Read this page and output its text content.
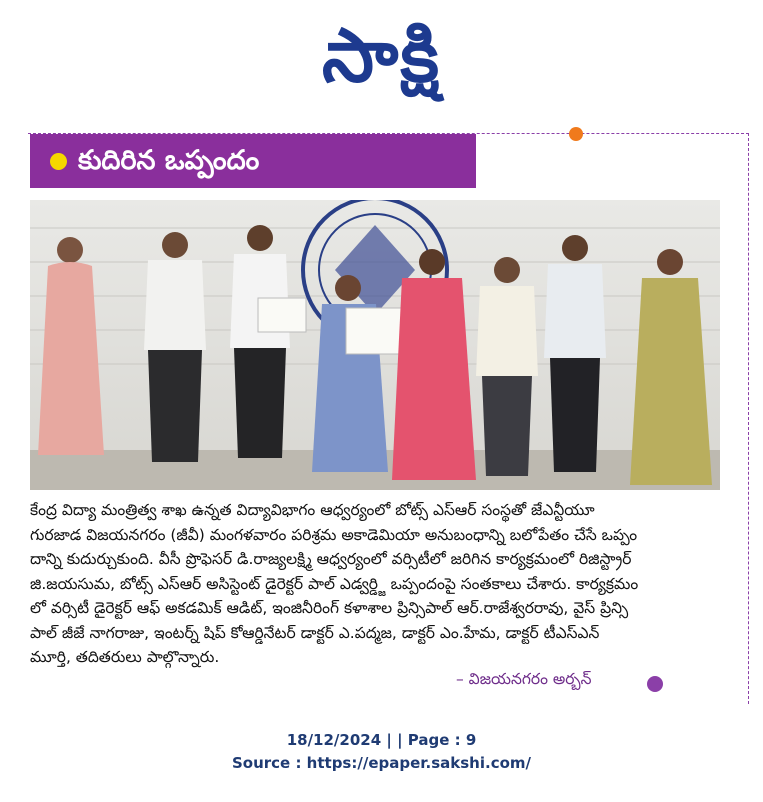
సాక్షి
కుదిరిన ఒప్పందం
కేంద్ర విద్యా మంత్రిత్వ శాఖ ఉన్నత విద్యావిభాగం ఆధ్వర్యంలో బోట్స్ ఎస్ఆర్ సంస్థతో జేఎన్టీయూ
గురజాడ విజయనగరం (జీవీ) మంగళవారం పరిశ్రమ అకాడెమియా అనుబంధాన్ని బలోపేతం చేసే ఒప్పం
దాన్ని కుదుర్చుకుంది. వీసీ ప్రొఫెసర్ డి.రాజ్యలక్ష్మి ఆధ్వర్యంలో వర్సిటీలో జరిగిన కార్యక్రమంలో రిజిస్ట్రార్
జి.జయసుమ, బోట్స్ ఎస్ఆర్ అసిస్టెంట్ డైరెక్టర్ పాల్ ఎడ్వర్డ్జి ఒప్పందంపై సంతకాలు చేశారు. కార్యక్రమం
లో వర్సిటీ డైరెక్టర్ ఆఫ్ అకడమిక్ ఆడిట్, ఇంజినీరింగ్ కళాశాల ప్రిన్సిపాల్ ఆర్.రాజేశ్వరరావు, వైస్ ప్రిన్సి
పాల్ జీజే నాగరాజు, ఇంటర్న్ షిప్ కోఆర్డినేటర్ డాక్టర్ ఎ.పద్మజ, డాక్టర్ ఎం.హేమ, డాక్టర్ టీఎస్ఎన్
మూర్తి, తదితరులు పాల్గొన్నారు.
– విజయనగరం అర్బన్
18/12/2024 | | Page : 9
Source : https://epaper.sakshi.com/
